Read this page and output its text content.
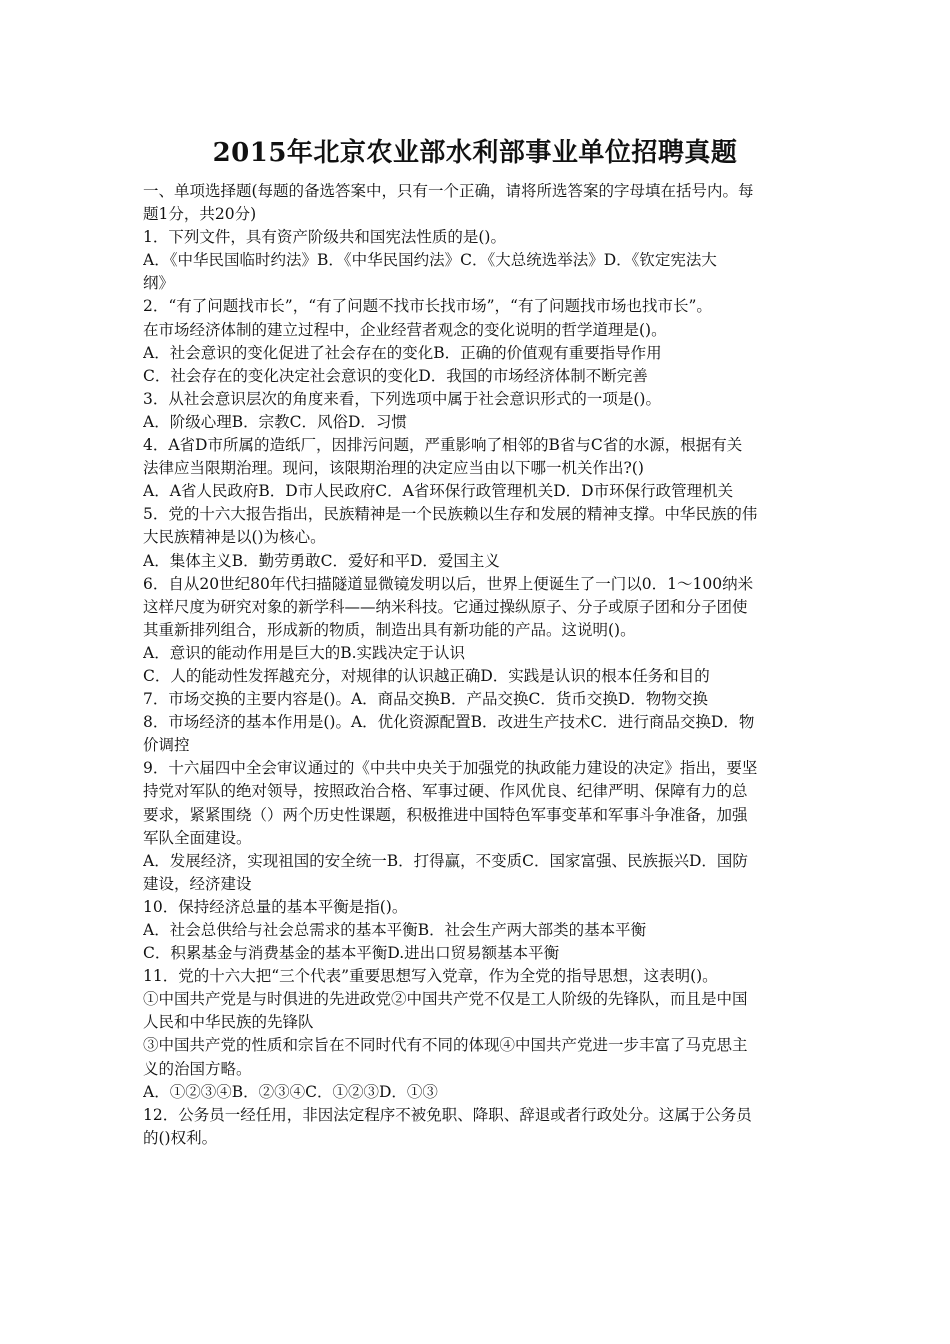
2015年北京农业部水利部事业单位招聘真题
一、单项选择题(每题的备选答案中，只有一个正确，请将所选答案的字母填在括号内。每
题1分，共20分)
1．下列文件，具有资产阶级共和国宪法性质的是()。
A．《中华民国临时约法》B．《中华民国约法》C．《大总统选举法》D．《钦定宪法大
纲》
2．“有了问题找市长”，“有了问题不找市长找市场”，“有了问题找市场也找市长”。
在市场经济体制的建立过程中，企业经营者观念的变化说明的哲学道理是()。
A．社会意识的变化促进了社会存在的变化B．正确的价值观有重要指导作用
C．社会存在的变化决定社会意识的变化D．我国的市场经济体制不断完善
3．从社会意识层次的角度来看，下列选项中属于社会意识形式的一项是()。
A．阶级心理B．宗教C．风俗D．习惯
4．A省D市所属的造纸厂，因排污问题，严重影响了相邻的B省与C省的水源，根据有关
法律应当限期治理。现问，该限期治理的决定应当由以下哪一机关作出?()
A．A省人民政府B．D市人民政府C．A省环保行政管理机关D．D市环保行政管理机关
5．党的十六大报告指出，民族精神是一个民族赖以生存和发展的精神支撑。中华民族的伟
大民族精神是以()为核心。
A．集体主义B．勤劳勇敢C．爱好和平D．爱国主义
6．自从20世纪80年代扫描隧道显微镜发明以后，世界上便诞生了一门以0．1～100纳米
这样尺度为研究对象的新学科——纳米科技。它通过操纵原子、分子或原子团和分子团使
其重新排列组合，形成新的物质，制造出具有新功能的产品。这说明()。
A．意识的能动作用是巨大的B.实践决定于认识
C．人的能动性发挥越充分，对规律的认识越正确D．实践是认识的根本任务和目的
7．市场交换的主要内容是()。A．商品交换B．产品交换C．货币交换D．物物交换
8．市场经济的基本作用是()。A．优化资源配置B．改进生产技术C．进行商品交换D．物
价调控
9．十六届四中全会审议通过的《中共中央关于加强党的执政能力建设的决定》指出，要坚
持党对军队的绝对领导，按照政治合格、军事过硬、作风优良、纪律严明、保障有力的总
要求，紧紧围绕（）两个历史性课题，积极推进中国特色军事变革和军事斗争准备，加强
军队全面建设。
A．发展经济，实现祖国的安全统一B．打得赢，不变质C．国家富强、民族振兴D．国防
建设，经济建设
10．保持经济总量的基本平衡是指()。
A．社会总供给与社会总需求的基本平衡B．社会生产两大部类的基本平衡
C．积累基金与消费基金的基本平衡D.进出口贸易额基本平衡
11．党的十六大把“三个代表”重要思想写入党章，作为全党的指导思想，这表明()。
①中国共产党是与时俱进的先进政党②中国共产党不仅是工人阶级的先锋队，而且是中国
人民和中华民族的先锋队
③中国共产党的性质和宗旨在不同时代有不同的体现④中国共产党进一步丰富了马克思主
义的治国方略。
A．①②③④B．②③④C．①②③D．①③
12．公务员一经任用，非因法定程序不被免职、降职、辞退或者行政处分。这属于公务员
的()权利。
